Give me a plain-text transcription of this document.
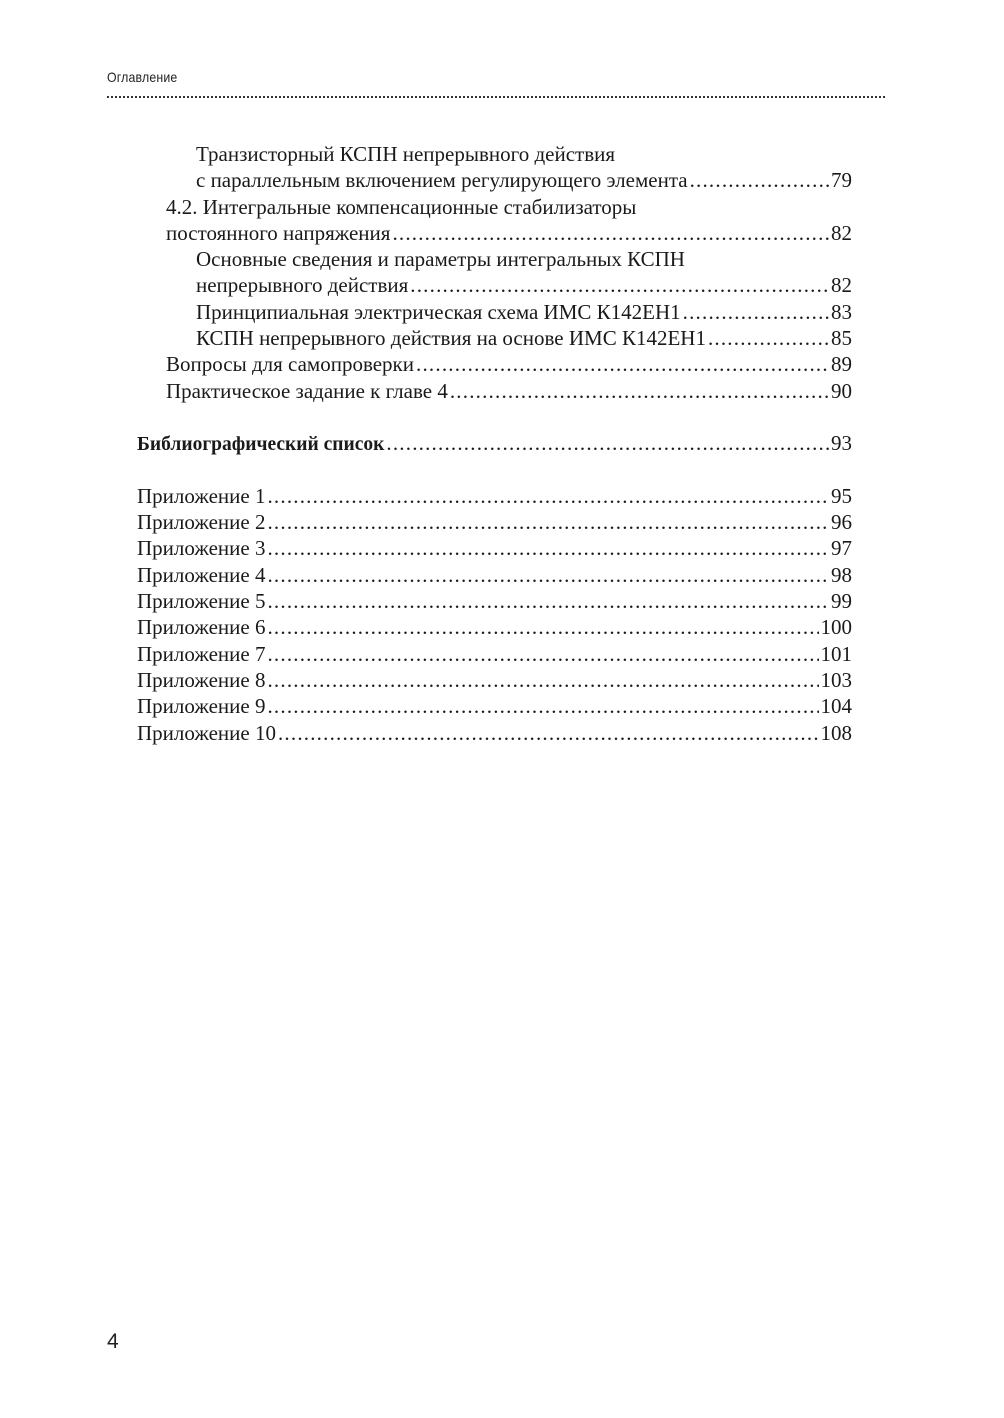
Оглавление
Транзисторный КСПН непрерывного действия
с параллельным включением регулирующего элемента .....	79
4.2. Интегральные компенсационные стабилизаторы
постоянного напряжения .....	82
Основные сведения и параметры интегральных КСПН
непрерывного действия .....	82
Принципиальная электрическая схема ИМС К142ЕН1 .....	83
КСПН непрерывного действия на основе ИМС К142ЕН1 .....	85
Вопросы для самопроверки .....	89
Практическое задание к главе 4 .....	90
Библиографический список .....	93
Приложение 1 .....	95
Приложение 2 .....	96
Приложение 3 .....	97
Приложение 4 .....	98
Приложение 5 .....	99
Приложение 6 .....	100
Приложение 7 .....	101
Приложение 8 .....	103
Приложение 9 .....	104
Приложение 10 .....	108
4
